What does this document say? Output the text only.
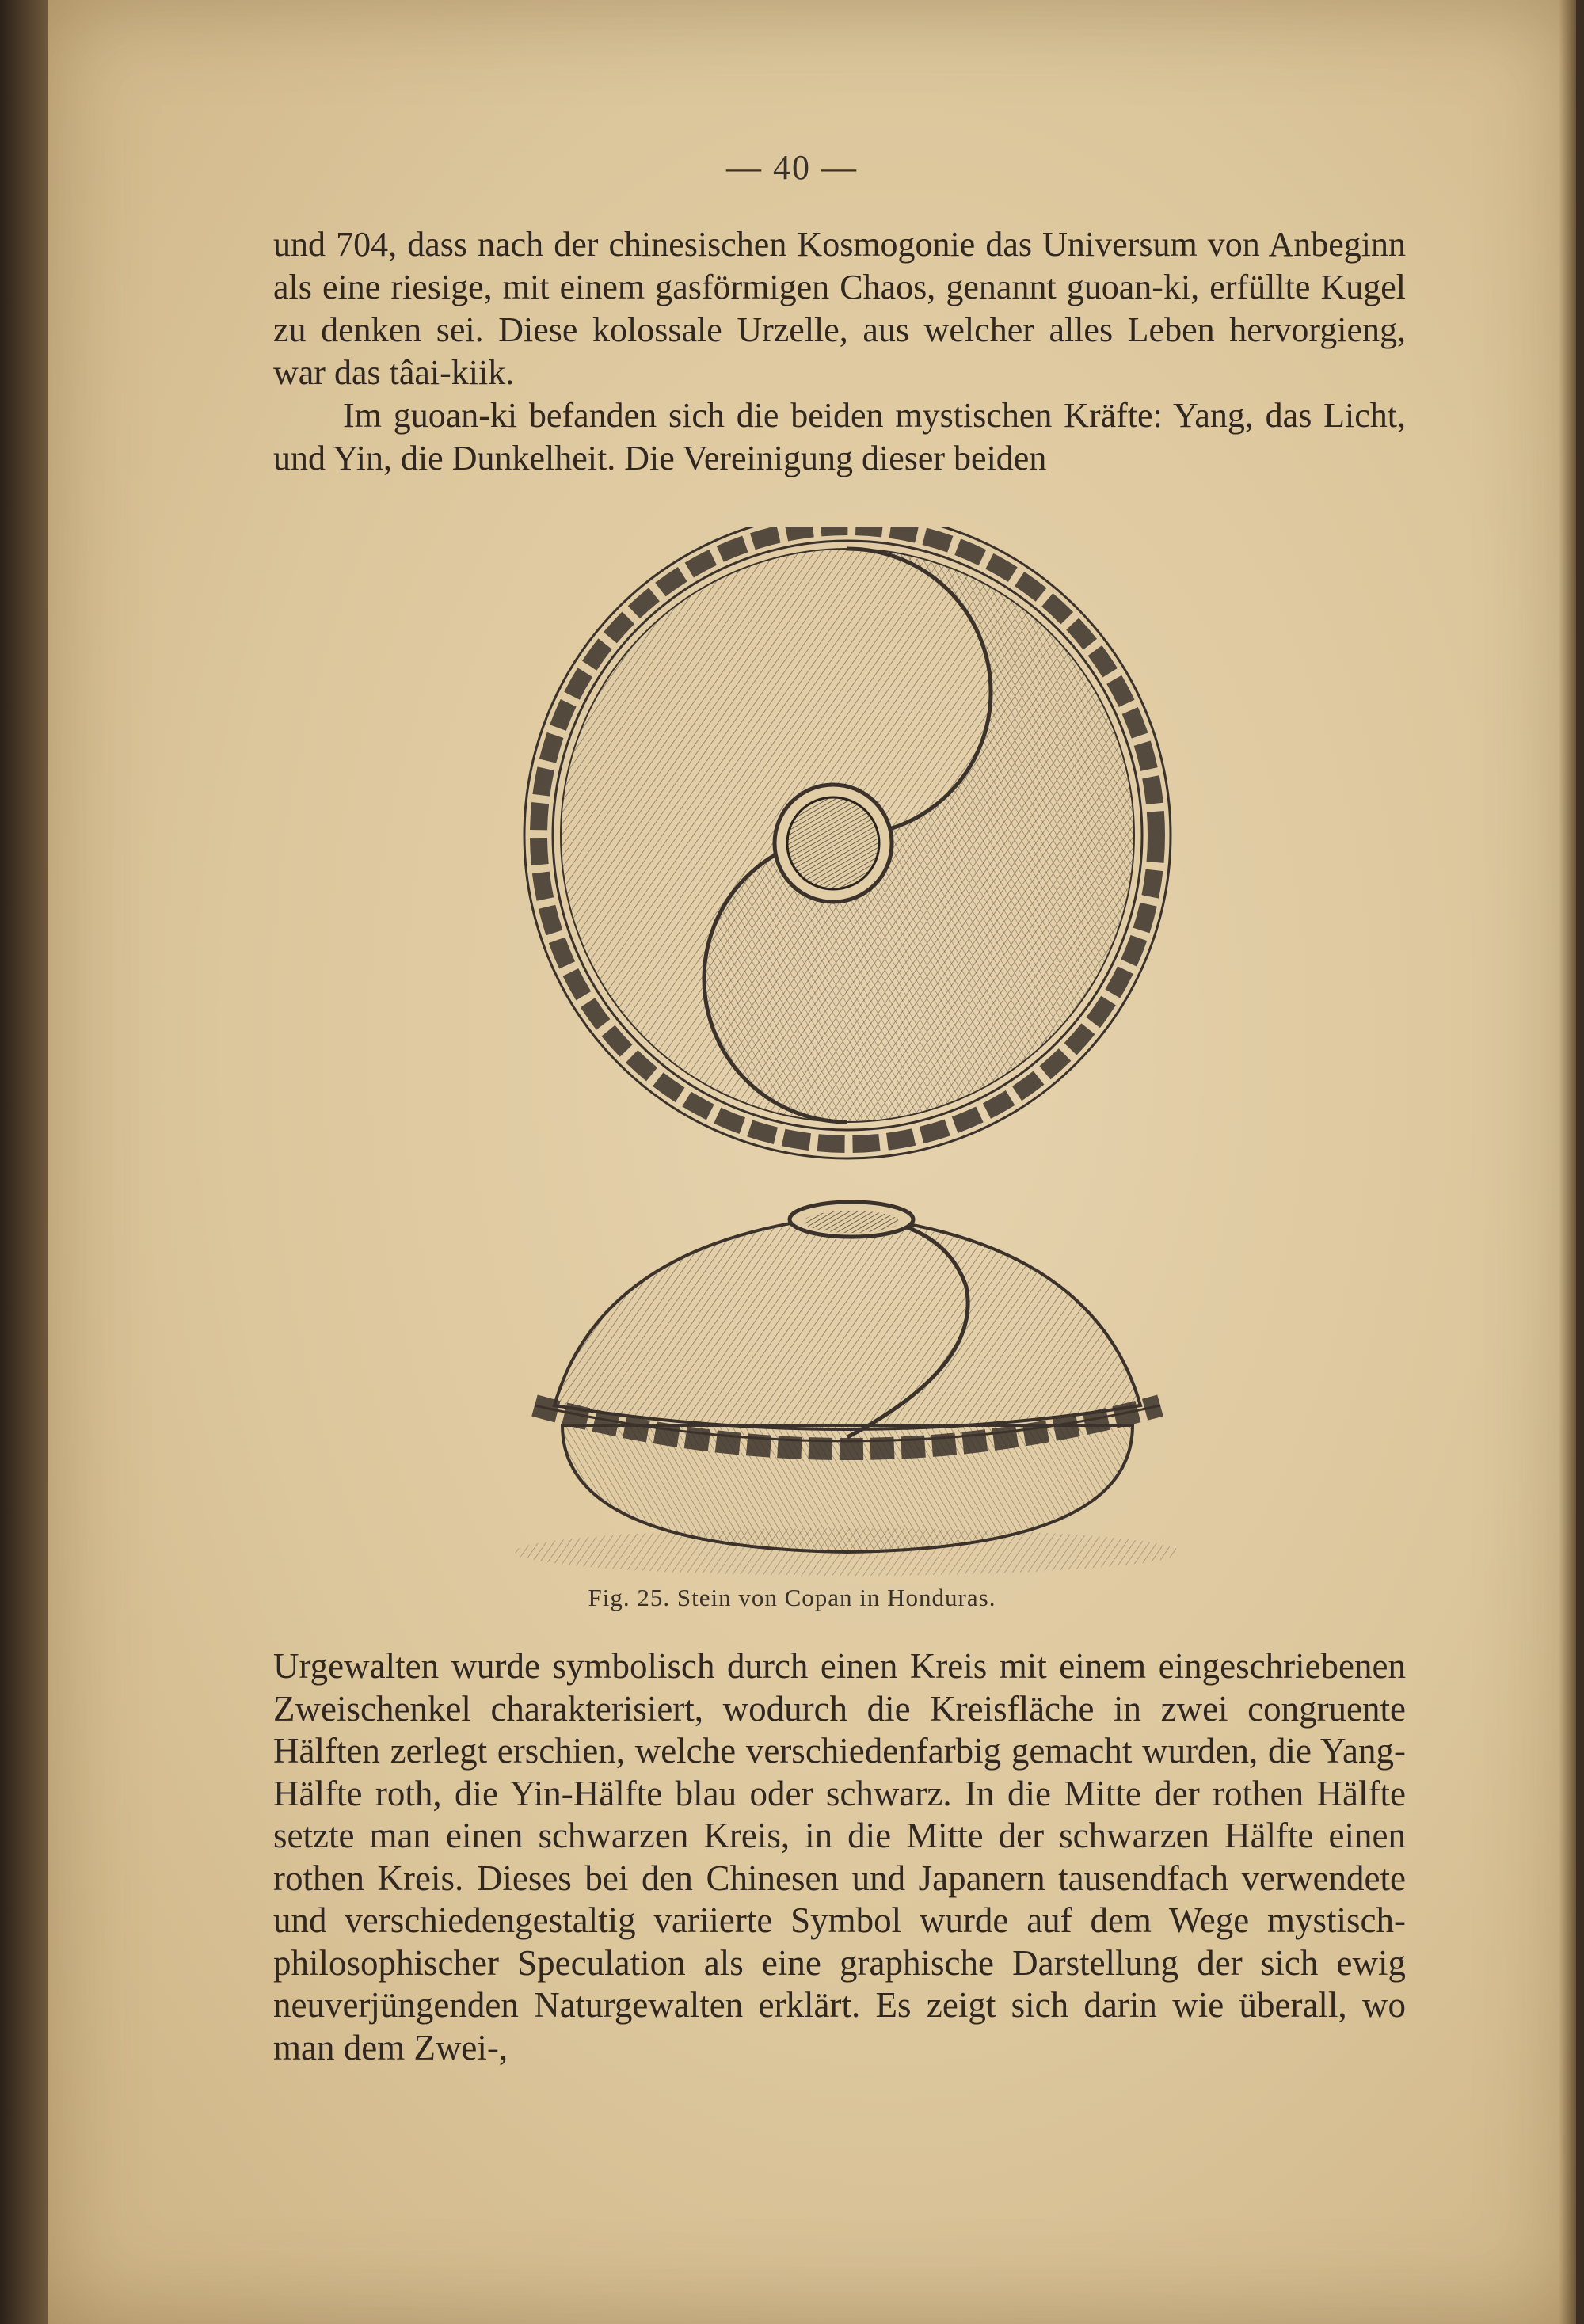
— 40 —

und 704, dass nach der chinesischen Kosmogonie das Universum von Anbeginn als eine riesige, mit einem gasförmigen Chaos, genannt guoan-ki, erfüllte Kugel zu denken sei. Diese kolossale Urzelle, aus welcher alles Leben hervorgieng, war das tâai-kiik.

Im guoan-ki befanden sich die beiden mystischen Kräfte: Yang, das Licht, und Yin, die Dunkelheit. Die Vereinigung dieser beiden

Fig. 25. Stein von Copan in Honduras.

Urgewalten wurde symbolisch durch einen Kreis mit einem eingeschriebenen Zweischenkel charakterisiert, wodurch die Kreisfläche in zwei congruente Hälften zerlegt erschien, welche verschiedenfarbig gemacht wurden, die Yang-Hälfte roth, die Yin-Hälfte blau oder schwarz. In die Mitte der rothen Hälfte setzte man einen schwarzen Kreis, in die Mitte der schwarzen Hälfte einen rothen Kreis. Dieses bei den Chinesen und Japanern tausendfach verwendete und verschiedengestaltig variierte Symbol wurde auf dem Wege mystisch-philosophischer Speculation als eine graphische Darstellung der sich ewig neuverjüngenden Naturgewalten erklärt. Es zeigt sich darin wie überall, wo man dem Zwei-,
